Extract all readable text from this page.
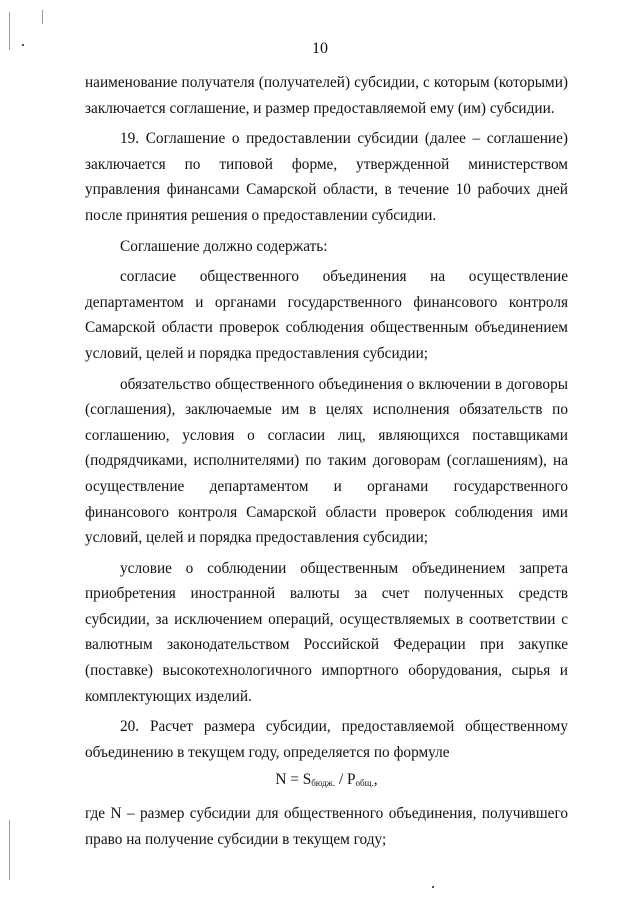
10

наименование получателя (получателей) субсидии, с которым (которыми) заключается соглашение, и размер предоставляемой ему (им) субсидии.

19. Соглашение о предоставлении субсидии (далее – соглашение) заключается по типовой форме, утвержденной министерством управления финансами Самарской области, в течение 10 рабочих дней после принятия решения о предоставлении субсидии.

Соглашение должно содержать:

согласие общественного объединения на осуществление департаментом и органами государственного финансового контроля Самарской области проверок соблюдения общественным объединением условий, целей и порядка предоставления субсидии;

обязательство общественного объединения о включении в договоры (соглашения), заключаемые им в целях исполнения обязательств по соглашению, условия о согласии лиц, являющихся поставщиками (подрядчиками, исполнителями) по таким договорам (соглашениям), на осуществление департаментом и органами государственного финансового контроля Самарской области проверок соблюдения ими условий, целей и порядка предоставления субсидии;

условие о соблюдении общественным объединением запрета приобретения иностранной валюты за счет полученных средств субсидии, за исключением операций, осуществляемых в соответствии с валютным законодательством Российской Федерации при закупке (поставке) высокотехнологичного импортного оборудования, сырья и комплектующих изделий.

20. Расчет размера субсидии, предоставляемой общественному объединению в текущем году, определяется по формуле

$N = S_{бюдж.} / P_{общ.}$,

где N – размер субсидии для общественного объединения, получившего право на получение субсидии в текущем году;
